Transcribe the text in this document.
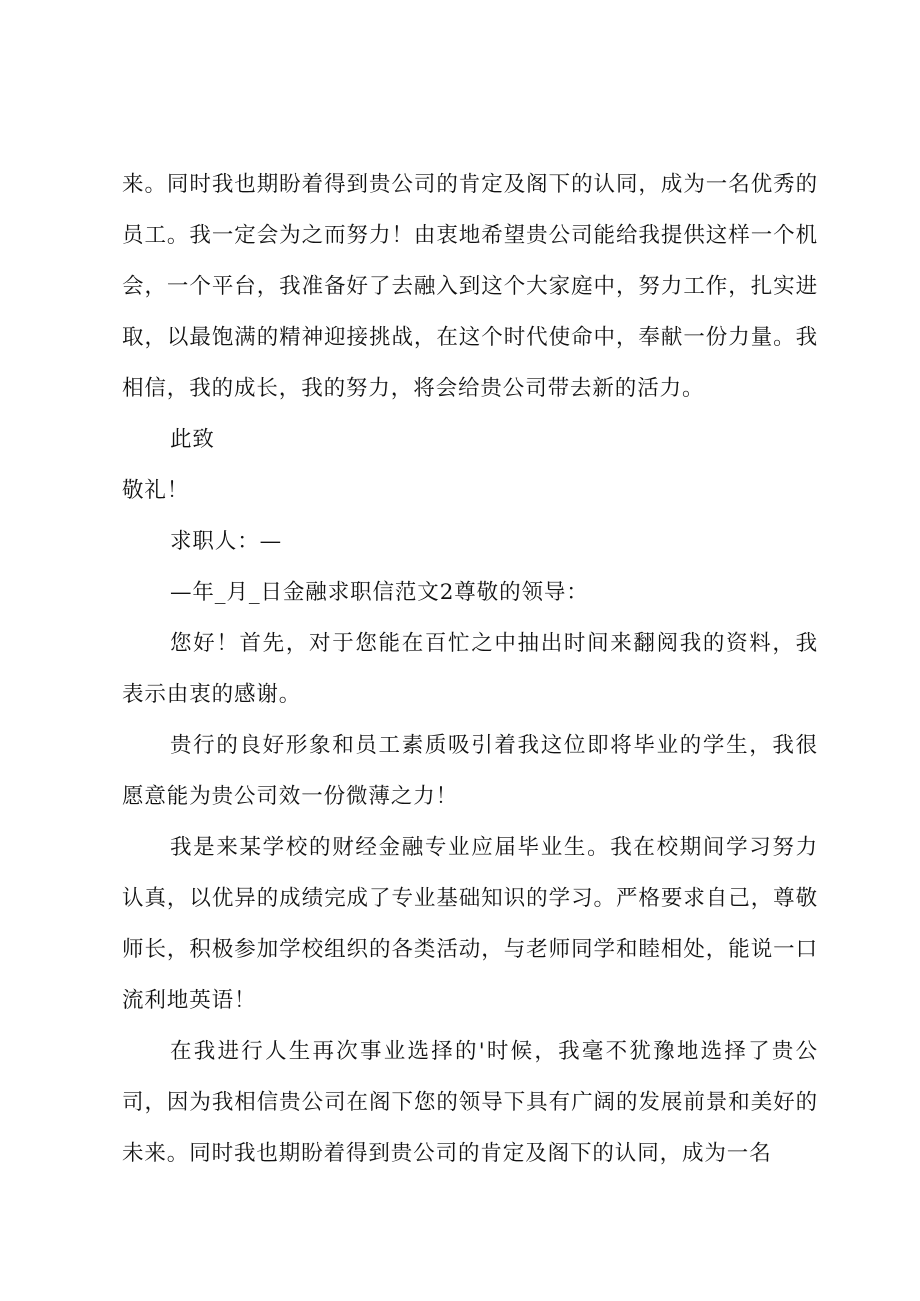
来。同时我也期盼着得到贵公司的肯定及阁下的认同，成为一名优秀的员工。我一定会为之而努力！由衷地希望贵公司能给我提供这样一个机会，一个平台，我准备好了去融入到这个大家庭中，努力工作，扎实进取，以最饱满的精神迎接挑战，在这个时代使命中，奉献一份力量。我相信，我的成长，我的努力，将会给贵公司带去新的活力。

此致

敬礼！

求职人：—

—年_月_日金融求职信范文2尊敬的领导：

您好！首先，对于您能在百忙之中抽出时间来翻阅我的资料，我表示由衷的感谢。

贵行的良好形象和员工素质吸引着我这位即将毕业的学生，我很愿意能为贵公司效一份微薄之力！

我是来某学校的财经金融专业应届毕业生。我在校期间学习努力认真，以优异的成绩完成了专业基础知识的学习。严格要求自己，尊敬师长，积极参加学校组织的各类活动，与老师同学和睦相处，能说一口流利地英语！

在我进行人生再次事业选择的'时候，我毫不犹豫地选择了贵公司，因为我相信贵公司在阁下您的领导下具有广阔的发展前景和美好的未来。同时我也期盼着得到贵公司的肯定及阁下的认同，成为一名
